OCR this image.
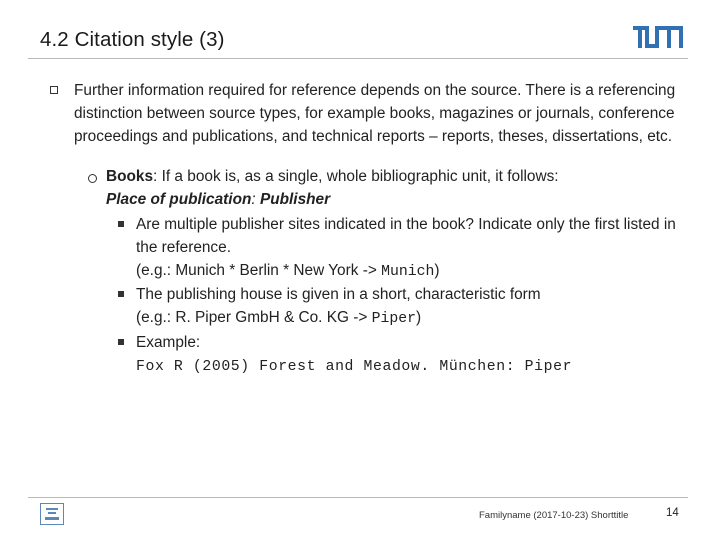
4.2 Citation style (3)
Further information required for reference depends on the source. There is a referencing distinction between source types, for example books, magazines or journals, conference proceedings and publications, and technical reports – reports, theses, dissertations, etc.
Books: If a book is, as a single, whole bibliographic unit, it follows:
Place of publication: Publisher
Are multiple publisher sites indicated in the book? Indicate only the first listed in the reference.
(e.g.: Munich * Berlin * New York -> Munich)
The publishing house is given in a short, characteristic form
(e.g.: R. Piper GmbH & Co. KG -> Piper)
Example:
Fox R (2005) Forest and Meadow. München: Piper
Familyname (2017-10-23) Shorttitle	14
